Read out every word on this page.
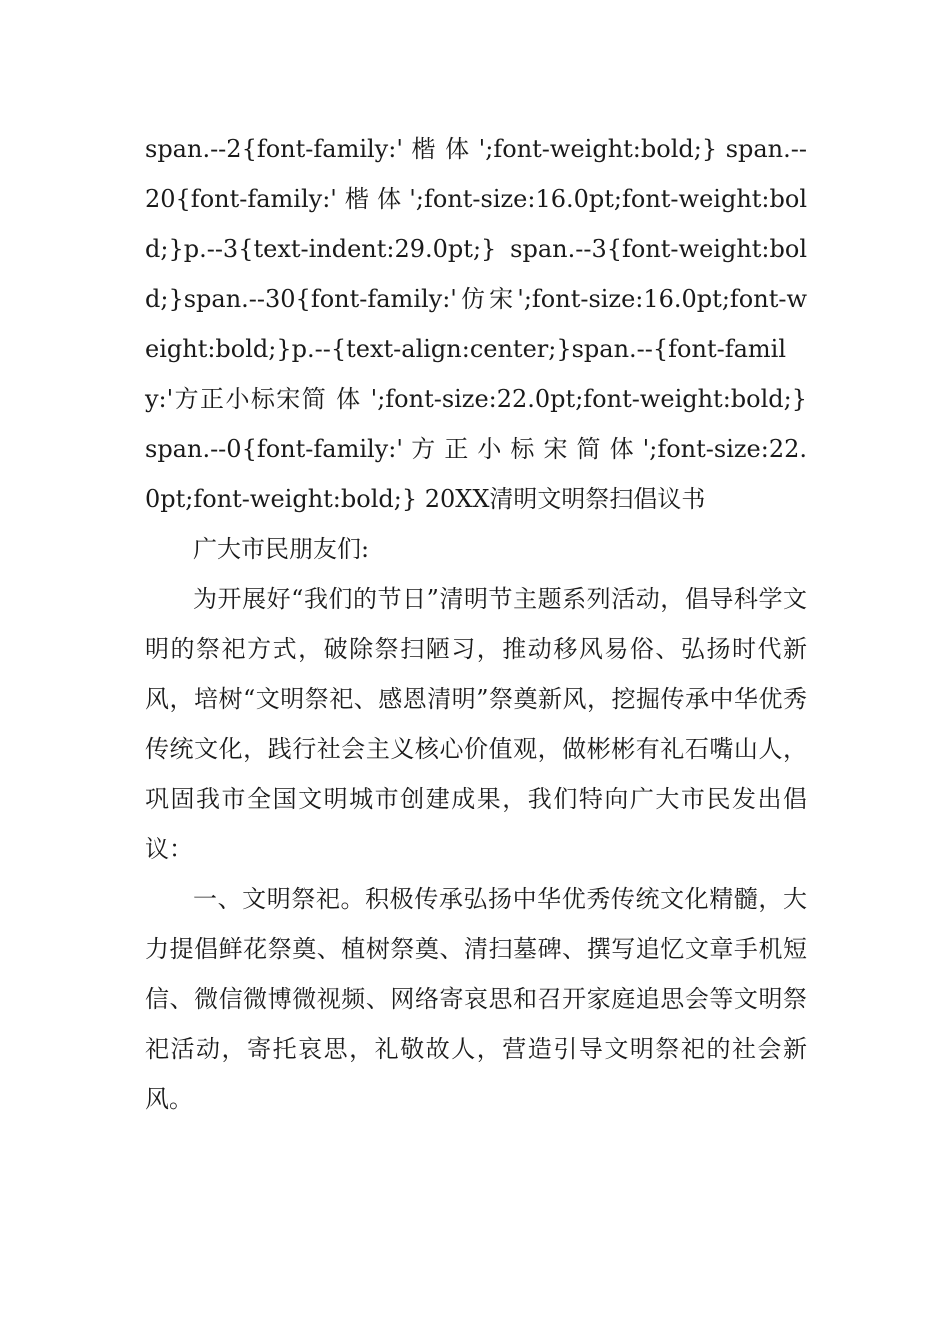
span.--2{font-family:' 楷 体 ';font-weight:bold;} span.--20{font-family:' 楷 体 ';font-size:16.0pt;font-weight:bold;}p.--3{text-indent:29.0pt;} span.--3{font-weight:bold;}span.--30{font-family:'仿宋';font-size:16.0pt;font-weight:bold;}p.--{text-align:center;}span.--{font-family:'方正小标宋简 体 ';font-size:22.0pt;font-weight:bold;} span.--0{font-family:' 方 正 小 标 宋 简 体 ';font-size:22.0pt;font-weight:bold;} 20XX清明文明祭扫倡议书

广大市民朋友们:

为开展好“我们的节日”清明节主题系列活动，倡导科学文明的祭祀方式，破除祭扫陋习，推动移风易俗、弘扬时代新风，培树“文明祭祀、感恩清明”祭奠新风，挖掘传承中华优秀传统文化，践行社会主义核心价值观，做彬彬有礼石嘴山人，巩固我市全国文明城市创建成果，我们特向广大市民发出倡议：

一、文明祭祀。积极传承弘扬中华优秀传统文化精髓，大力提倡鲜花祭奠、植树祭奠、清扫墓碑、撰写追忆文章手机短信、微信微博微视频、网络寄哀思和召开家庭追思会等文明祭祀活动，寄托哀思，礼敬故人，营造引导文明祭祀的社会新风。
